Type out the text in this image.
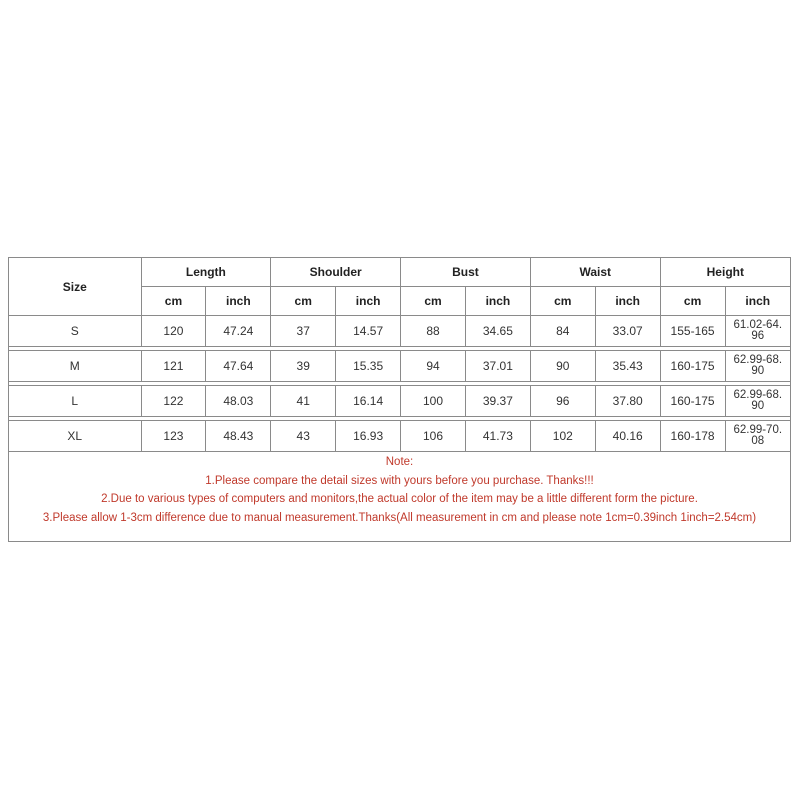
Size	Length		Shoulder		Bust		Waist		Height	
	cm	inch	cm	inch	cm	inch	cm	inch	cm	inch
S	120	47.24	37	14.57	88	34.65	84	33.07	155-165	61.02-64.
96

M	121	47.64	39	15.35	94	37.01	90	35.43	160-175	62.99-68.
90

L	122	48.03	41	16.14	100	39.37	96	37.80	160-175	62.99-68.
90

XL	123	48.43	43	16.93	106	41.73	102	40.16	160-178	62.99-70.
08
Note:
1.Please compare the detail sizes with yours before you purchase. Thanks!!!
2.Due to various types of computers and monitors,the actual color of the item may be a little different form the picture.
3.Please allow 1-3cm difference due to manual measurement.Thanks(All measurement in cm and please note 1cm=0.39inch 1inch=2.54cm)
